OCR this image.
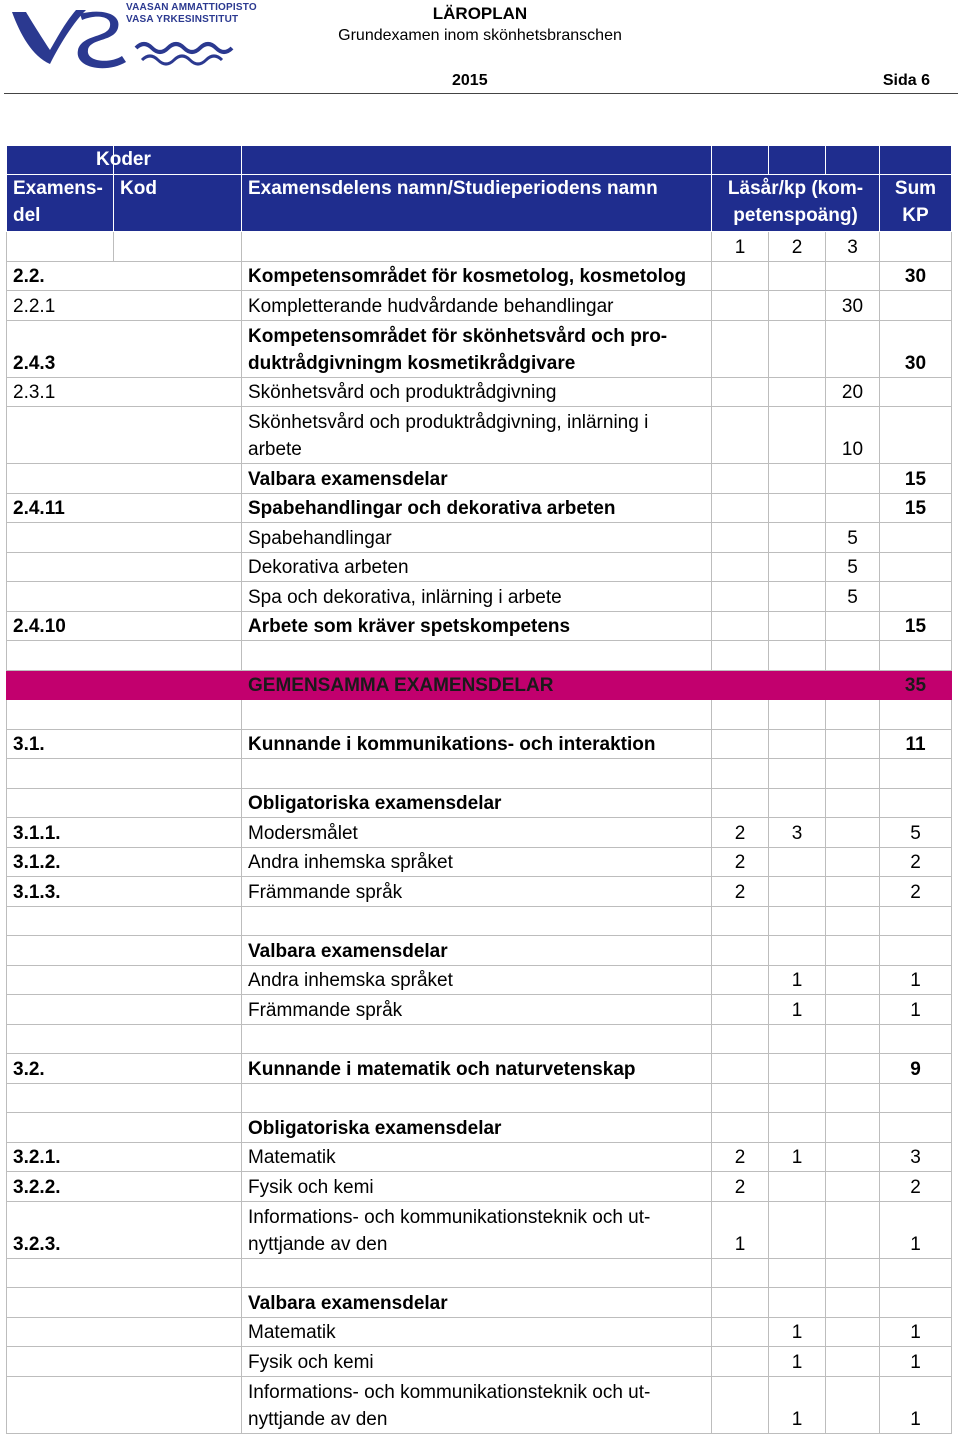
VAASAN AMMATTIOPISTO
VASA YRKESINSTITUT	LÄROPLAN
Grundexamen inom skönhetsbranschen
2015	Sida 6
	Koder					
Examens-del	Kod	Examensdelens namn/Studieperiodens namn	Läsår/kp (kom-petenspoäng)			Sum KP
			1	2	3	
2.2.		Kompetensområdet för kosmetolog, kosmetolog				30
2.2.1		Kompletterande hudvårdande behandlingar			30	
2.4.3		Kompetensområdet för skönhetsvård och pro-duktrådgivningm kosmetikrådgivare				30
2.3.1		Skönhetsvård och produktrådgivning			20	
		Skönhetsvård och produktrådgivning, inlärning i arbete			10	
		Valbara examensdelar				15
2.4.11		Spabehandlingar och dekorativa arbeten				15
		Spabehandlingar			5	
		Dekorativa arbeten			5	
		Spa och dekorativa, inlärning i arbete			5	
2.4.10		Arbete som kräver spetskompetens				15

		GEMENSAMMA EXAMENSDELAR				35

3.1.		Kunnande i kommunikations- och interaktion				11

		Obligatoriska examensdelar				
3.1.1.		Modersmålet	2	3		5
3.1.2.		Andra inhemska språket	2			2
3.1.3.		Främmande språk	2			2

		Valbara examensdelar				
		Andra inhemska språket		1		1
		Främmande språk		1		1

3.2.		Kunnande i matematik och naturvetenskap				9

		Obligatoriska examensdelar				
3.2.1.		Matematik	2	1		3
3.2.2.		Fysik och kemi	2			2
3.2.3.		Informations- och kommunikationsteknik och ut-nyttjande av den	1			1

		Valbara examensdelar				
		Matematik		1		1
		Fysik och kemi		1		1
		Informations- och kommunikationsteknik och ut-nyttjande av den		1		1
